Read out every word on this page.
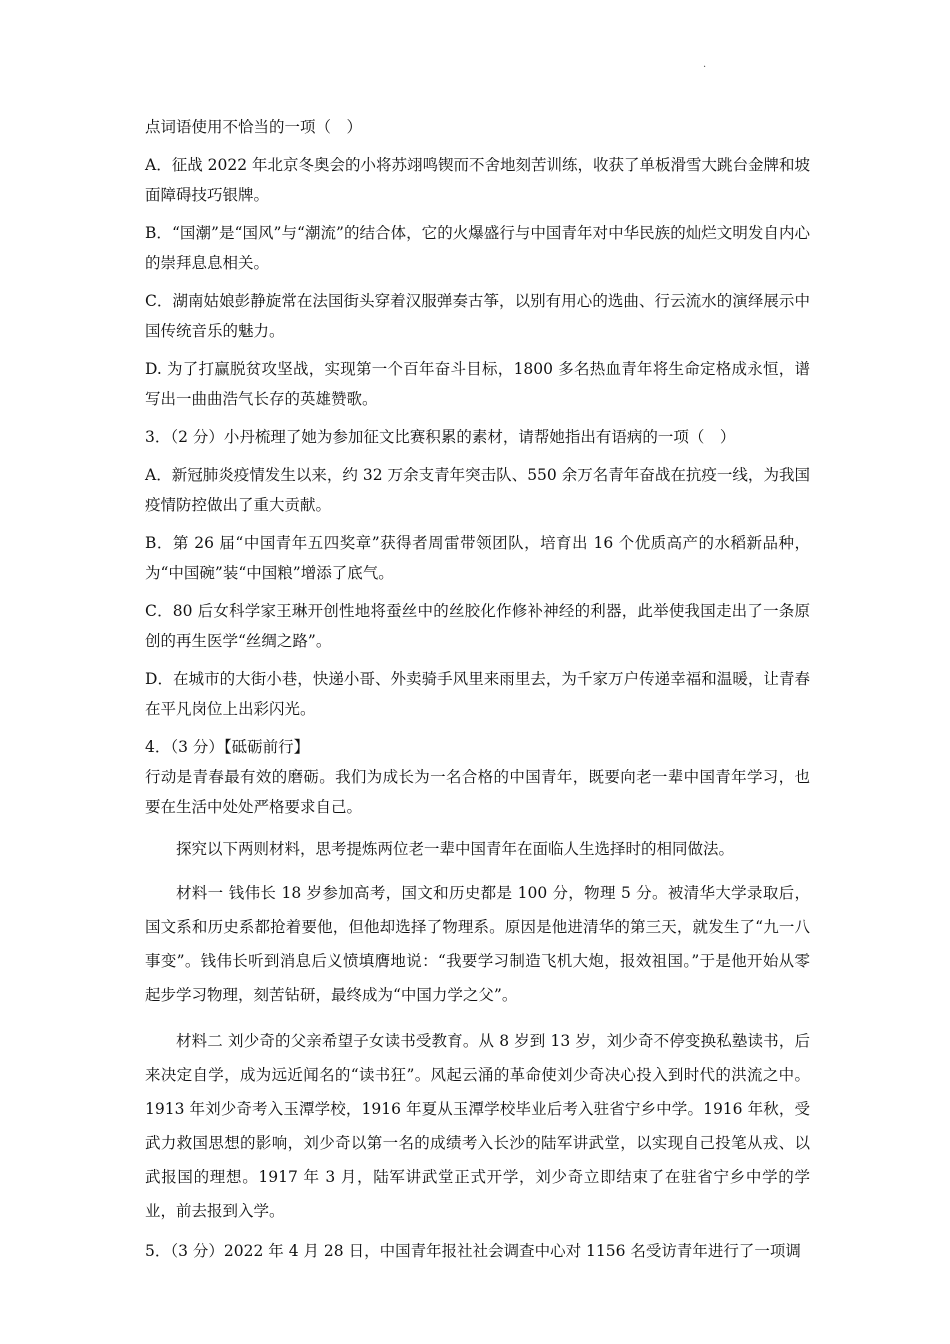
·

点词语使用不恰当的一项（　）

A．征战 2022 年北京冬奥会的小将苏翊鸣锲而不舍地刻苦训练，收获了单板滑雪大跳台金牌和坡面障碍技巧银牌。

B．“国潮”是“国风”与“潮流”的结合体，它的火爆盛行与中国青年对中华民族的灿烂文明发自内心的崇拜息息相关。

C．湖南姑娘彭静旋常在法国街头穿着汉服弹奏古筝，以别有用心的选曲、行云流水的演绎展示中国传统音乐的魅力。

D. 为了打赢脱贫攻坚战，实现第一个百年奋斗目标，1800 多名热血青年将生命定格成永恒，谱写出一曲曲浩气长存的英雄赞歌。

3．（2 分）小丹梳理了她为参加征文比赛积累的素材，请帮她指出有语病的一项（　）

A．新冠肺炎疫情发生以来，约 32 万余支青年突击队、550 余万名青年奋战在抗疫一线，为我国疫情防控做出了重大贡献。

B．第 26 届“中国青年五四奖章”获得者周雷带领团队，培育出 16 个优质高产的水稻新品种，为“中国碗”装“中国粮”增添了底气。

C．80 后女科学家王琳开创性地将蚕丝中的丝胶化作修补神经的利器，此举使我国走出了一条原创的再生医学“丝绸之路”。

D．在城市的大街小巷，快递小哥、外卖骑手风里来雨里去，为千家万户传递幸福和温暖，让青春在平凡岗位上出彩闪光。

4．（3 分）【砥砺前行】

行动是青春最有效的磨砺。我们为成长为一名合格的中国青年，既要向老一辈中国青年学习，也要在生活中处处严格要求自己。

探究以下两则材料，思考提炼两位老一辈中国青年在面临人生选择时的相同做法。

材料一 钱伟长 18 岁参加高考，国文和历史都是 100 分，物理 5 分。被清华大学录取后，国文系和历史系都抢着要他，但他却选择了物理系。原因是他进清华的第三天，就发生了“九一八事变”。钱伟长听到消息后义愤填膺地说：“我要学习制造飞机大炮，报效祖国。”于是他开始从零起步学习物理，刻苦钻研，最终成为“中国力学之父”。

材料二 刘少奇的父亲希望子女读书受教育。从 8 岁到 13 岁，刘少奇不停变换私塾读书，后来决定自学，成为远近闻名的“读书狂”。风起云涌的革命使刘少奇决心投入到时代的洪流之中。1913 年刘少奇考入玉潭学校，1916 年夏从玉潭学校毕业后考入驻省宁乡中学。1916 年秋，受武力救国思想的影响，刘少奇以第一名的成绩考入长沙的陆军讲武堂，以实现自己投笔从戎、以武报国的理想。1917 年 3 月，陆军讲武堂正式开学，刘少奇立即结束了在驻省宁乡中学的学业，前去报到入学。

5．（3 分）2022 年 4 月 28 日，中国青年报社社会调查中心对 1156 名受访青年进行了一项调
